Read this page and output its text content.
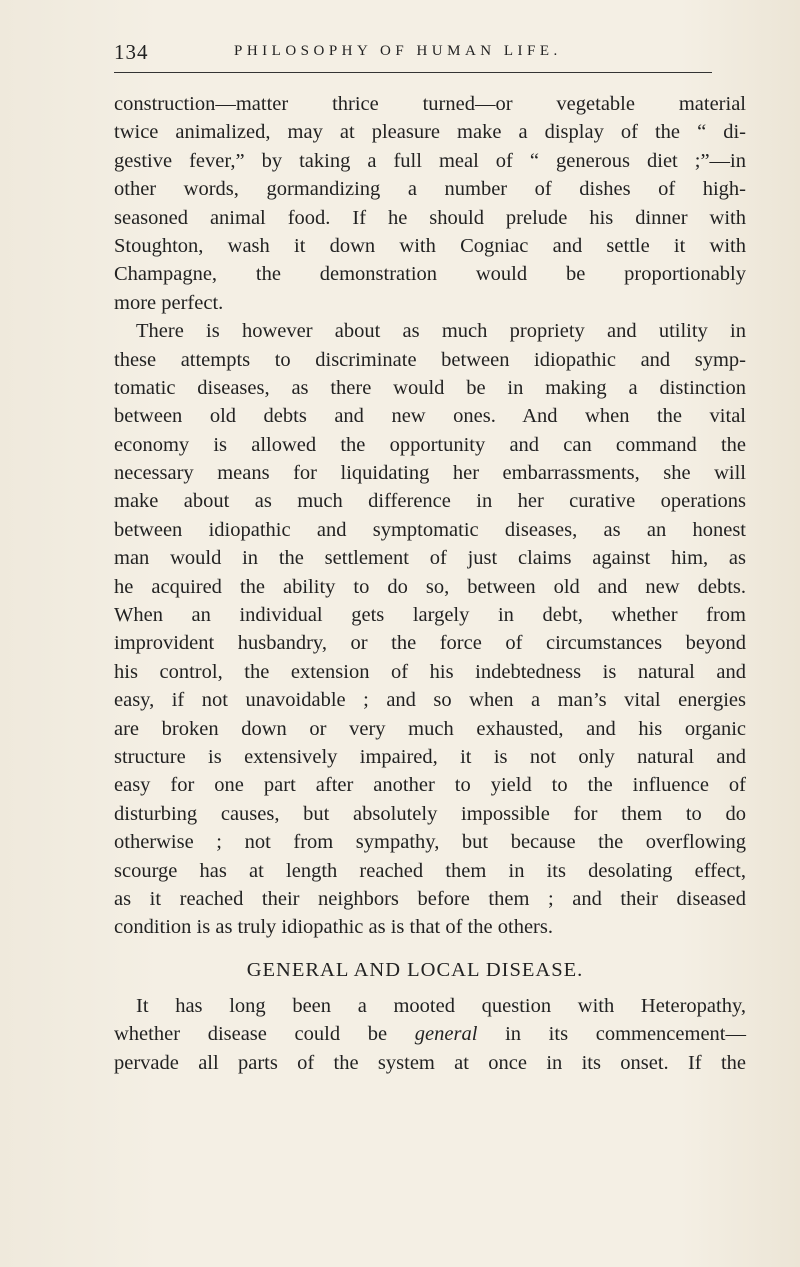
134	PHILOSOPHY OF HUMAN LIFE.
construction—matter thrice turned—or vegetable material
twice animalized, may at pleasure make a display of the “ di-
gestive fever,” by taking a full meal of “ generous diet ;”—in
other words, gormandizing a number of dishes of high-
seasoned animal food. If he should prelude his dinner with
Stoughton, wash it down with Cogniac and settle it with
Champagne, the demonstration would be proportionably
more perfect.
There is however about as much propriety and utility in
these attempts to discriminate between idiopathic and symp-
tomatic diseases, as there would be in making a distinction
between old debts and new ones. And when the vital
economy is allowed the opportunity and can command the
necessary means for liquidating her embarrassments, she will
make about as much difference in her curative operations
between idiopathic and symptomatic diseases, as an honest
man would in the settlement of just claims against him, as
he acquired the ability to do so, between old and new debts.
When an individual gets largely in debt, whether from
improvident husbandry, or the force of circumstances beyond
his control, the extension of his indebtedness is natural and
easy, if not unavoidable ; and so when a man’s vital energies
are broken down or very much exhausted, and his organic
structure is extensively impaired, it is not only natural and
easy for one part after another to yield to the influence of
disturbing causes, but absolutely impossible for them to do
otherwise ; not from sympathy, but because the overflowing
scourge has at length reached them in its desolating effect,
as it reached their neighbors before them ; and their diseased
condition is as truly idiopathic as is that of the others.
GENERAL AND LOCAL DISEASE.
It has long been a mooted question with Heteropathy,
whether disease could be general in its commencement—
pervade all parts of the system at once in its onset. If the
